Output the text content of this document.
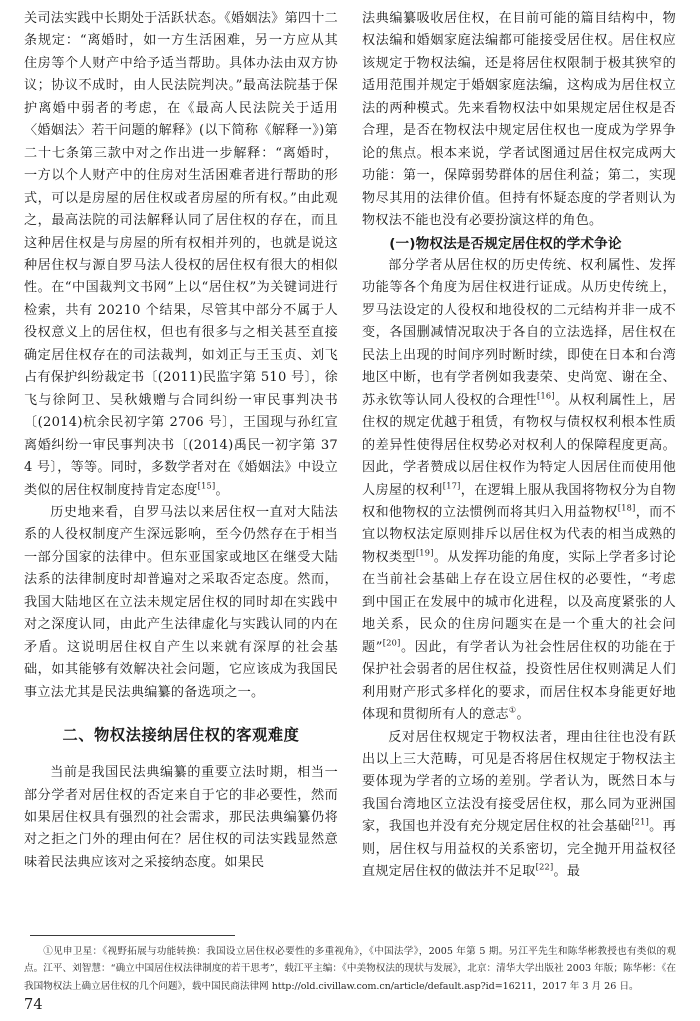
关司法实践中长期处于活跃状态。《婚姻法》第四十二条规定：“离婚时，如一方生活困难，另一方应从其住房等个人财产中给予适当帮助。具体办法由双方协议；协议不成时，由人民法院判决。”最高法院基于保护离婚中弱者的考虑，在《最高人民法院关于适用〈婚姻法〉若干问题的解释》(以下简称《解释一》)第二十七条第三款中对之作出进一步解释：“离婚时，一方以个人财产中的住房对生活困难者进行帮助的形式，可以是房屋的居住权或者房屋的所有权。”由此观之，最高法院的司法解释认同了居住权的存在，而且这种居住权是与房屋的所有权相并列的，也就是说这种居住权与源自罗马法人役权的居住权有很大的相似性。在“中国裁判文书网”上以“居住权”为关键词进行检索，共有 20210 个结果，尽管其中部分不属于人役权意义上的居住权，但也有很多与之相关甚至直接确定居住权存在的司法裁判，如刘正与王玉贞、刘飞占有保护纠纷裁定书〔(2011)民监字第 510 号〕，徐飞与徐阿卫、吴秋娥赠与合同纠纷一审民事判决书〔(2014)杭余民初字第 2706 号〕，王国现与孙红宣离婚纠纷一审民事判决书〔(2014)禹民一初字第 374 号〕，等等。同时，多数学者对在《婚姻法》中设立类似的居住权制度持肯定态度[15]。

历史地来看，自罗马法以来居住权一直对大陆法系的人役权制度产生深远影响，至今仍然存在于相当一部分国家的法律中。但东亚国家或地区在继受大陆法系的法律制度时却普遍对之采取否定态度。然而，我国大陆地区在立法未规定居住权的同时却在实践中对之深度认同，由此产生法律虚化与实践认同的内在矛盾。这说明居住权自产生以来就有深厚的社会基础，如其能够有效解决社会问题，它应该成为我国民事立法尤其是民法典编纂的备选项之一。

二、物权法接纳居住权的客观难度

当前是我国民法典编纂的重要立法时期，相当一部分学者对居住权的否定来自于它的非必要性，然而如果居住权具有强烈的社会需求，那民法典编纂仍将对之拒之门外的理由何在？居住权的司法实践显然意味着民法典应该对之采接纳态度。如果民

法典编纂吸收居住权，在目前可能的篇目结构中，物权法编和婚姻家庭法编都可能接受居住权。居住权应该规定于物权法编，还是将居住权限制于极其狭窄的适用范围并规定于婚姻家庭法编，这构成为居住权立法的两种模式。先来看物权法中如果规定居住权是否合理，是否在物权法中规定居住权也一度成为学界争论的焦点。根本来说，学者试图通过居住权完成两大功能：第一，保障弱势群体的居住利益；第二，实现物尽其用的法律价值。但持有怀疑态度的学者则认为物权法不能也没有必要扮演这样的角色。

(一)物权法是否规定居住权的学术争论

部分学者从居住权的历史传统、权利属性、发挥功能等各个角度为居住权进行证成。从历史传统上，罗马法设定的人役权和地役权的二元结构并非一成不变，各国删减情况取决于各自的立法选择，居住权在民法上出现的时间序列时断时续，即使在日本和台湾地区中断，也有学者例如我妻荣、史尚宽、谢在全、苏永钦等认同人役权的合理性[16]。从权利属性上，居住权的规定优越于租赁，有物权与债权权利根本性质的差异性使得居住权势必对权利人的保障程度更高。因此，学者赞成以居住权作为特定人因居住而使用他人房屋的权利[17]，在逻辑上服从我国将物权分为自物权和他物权的立法惯例而将其归入用益物权[18]，而不宜以物权法定原则排斥以居住权为代表的相当成熟的物权类型[19]。从发挥功能的角度，实际上学者多讨论在当前社会基础上存在设立居住权的必要性，“考虑到中国正在发展中的城市化进程，以及高度紧张的人地关系，民众的住房问题实在是一个重大的社会问题”[20]。因此，有学者认为社会性居住权的功能在于保护社会弱者的居住权益，投资性居住权则满足人们利用财产形式多样化的要求，而居住权本身能更好地体现和贯彻所有人的意志①。

反对居住权规定于物权法者，理由往往也没有跃出以上三大范畴，可见是否将居住权规定于物权法主要体现为学者的立场的差别。学者认为，既然日本与我国台湾地区立法没有接受居住权，那么同为亚洲国家，我国也并没有充分规定居住权的社会基础[21]。再则，居住权与用益权的关系密切，完全抛开用益权径直规定居住权的做法并不足取[22]。最

①见申卫星：《视野拓展与功能转换：我国设立居住权必要性的多重视角》，《中国法学》，2005 年第 5 期。另江平先生和陈华彬教授也有类似的观点。江平、刘智慧：“确立中国居住权法律制度的若干思考”，载江平主编：《中美物权法的现状与发展》，北京：清华大学出版社 2003 年版；陈华彬：《在我国物权法上确立居住权的几个问题》，载中国民商法律网 http://old.civillaw.com.cn/article/default.asp?id=16211，2017 年 3 月 26 日。

74
